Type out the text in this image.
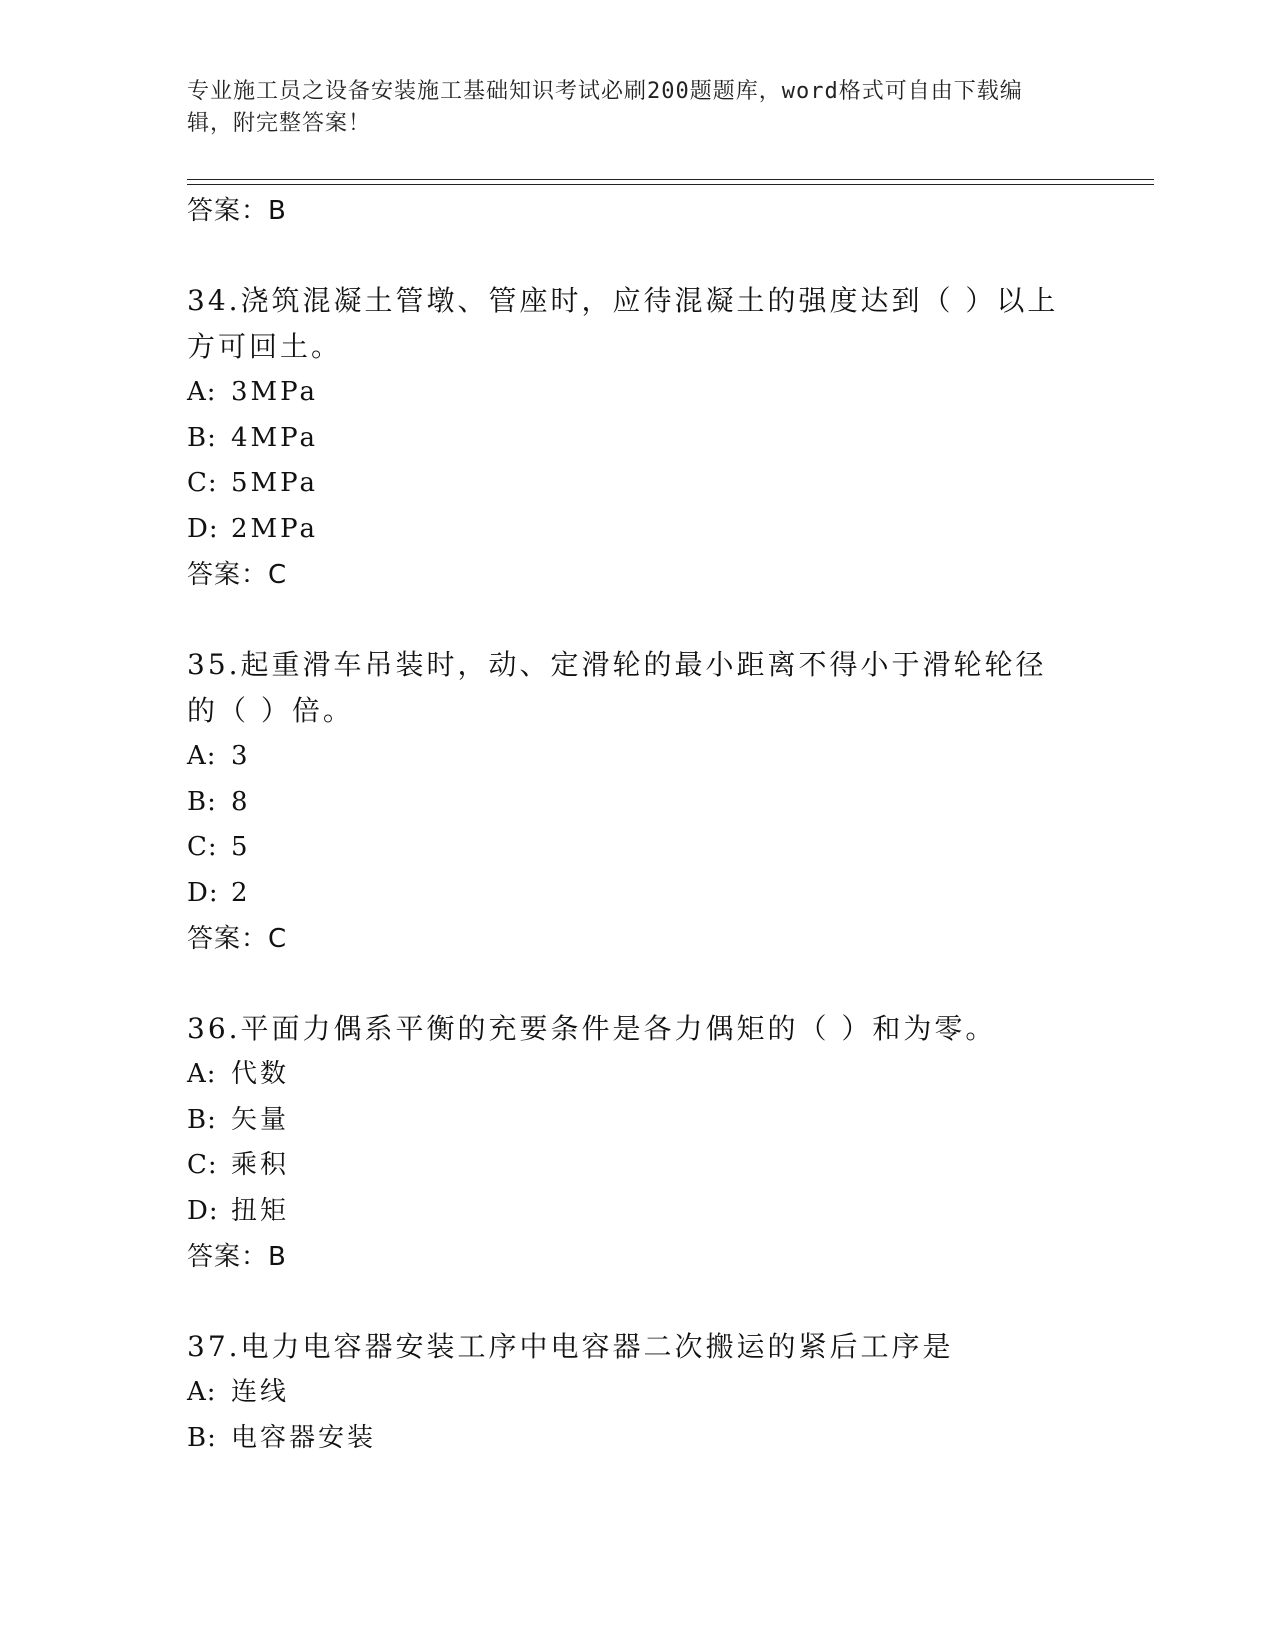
专业施工员之设备安装施工基础知识考试必刷200题题库，word格式可自由下载编辑，附完整答案！
答案：B
34.浇筑混凝土管墩、管座时，应待混凝土的强度达到（ ）以上方可回土。
A: 3MPa
B: 4MPa
C: 5MPa
D: 2MPa
答案：C
35.起重滑车吊装时，动、定滑轮的最小距离不得小于滑轮轮径的（ ）倍。
A: 3
B: 8
C: 5
D: 2
答案：C
36.平面力偶系平衡的充要条件是各力偶矩的（ ）和为零。
A: 代数
B: 矢量
C: 乘积
D: 扭矩
答案：B
37.电力电容器安装工序中电容器二次搬运的紧后工序是
A: 连线
B: 电容器安装
